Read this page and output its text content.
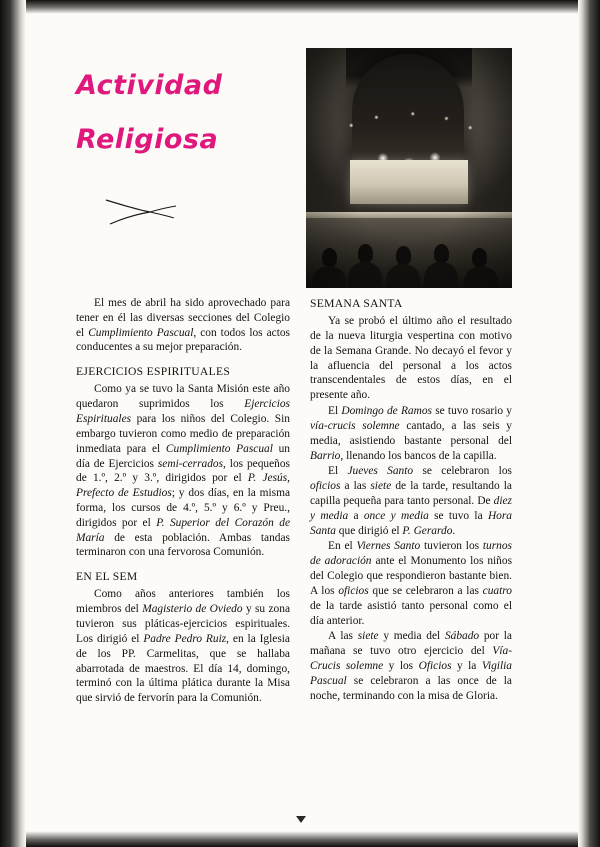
Actividad
Religiosa

El mes de abril ha sido aprovechado para tener en él las diversas secciones del Colegio el Cumplimiento Pascual, con todos los actos conducentes a su mejor preparación.

EJERCICIOS ESPIRITUALES

Como ya se tuvo la Santa Misión este año quedaron suprimidos los Ejercicios Espirituales para los niños del Colegio. Sin embargo tuvieron como medio de preparación inmediata para el Cumplimiento Pascual un día de Ejercicios semi-cerrados, los pequeños de 1.º, 2.º y 3.º, dirigidos por el P. Jesús, Prefecto de Estudios; y dos días, en la misma forma, los cursos de 4.º, 5.º y 6.º y Preu., dirigidos por el P. Superior del Corazón de María de esta población. Ambas tandas terminaron con una fervorosa Comunión.

EN EL SEM

Como años anteriores también los miembros del Magisterio de Oviedo y su zona tuvieron sus pláticas-ejercicios espirituales. Los dirigió el Padre Pedro Ruiz, en la Iglesia de los PP. Carmelitas, que se hallaba abarrotada de maestros. El día 14, domingo, terminó con la última plática durante la Misa que sirvió de fervorín para la Comunión.

SEMANA SANTA

Ya se probó el último año el resultado de la nueva liturgia vespertina con motivo de la Semana Grande. No decayó el fevor y la afluencia del personal a los actos transcendentales de estos días, en el presente año.

El Domingo de Ramos se tuvo rosario y vía-crucis solemne cantado, a las seis y media, asistiendo bastante personal del Barrio, llenando los bancos de la capilla.

El Jueves Santo se celebraron los oficios a las siete de la tarde, resultando la capilla pequeña para tanto personal. De diez y media a once y media se tuvo la Hora Santa que dirigió el P. Gerardo.

En el Viernes Santo tuvieron los turnos de adoración ante el Monumento los niños del Colegio que respondieron bastante bien. A los oficios que se celebraron a las cuatro de la tarde asistió tanto personal como el día anterior.

A las siete y media del Sábado por la mañana se tuvo otro ejercicio del Vía-Crucis solemne y los Oficios y la Vigilia Pascual se celebraron a las once de la noche, terminando con la misa de Gloria.
